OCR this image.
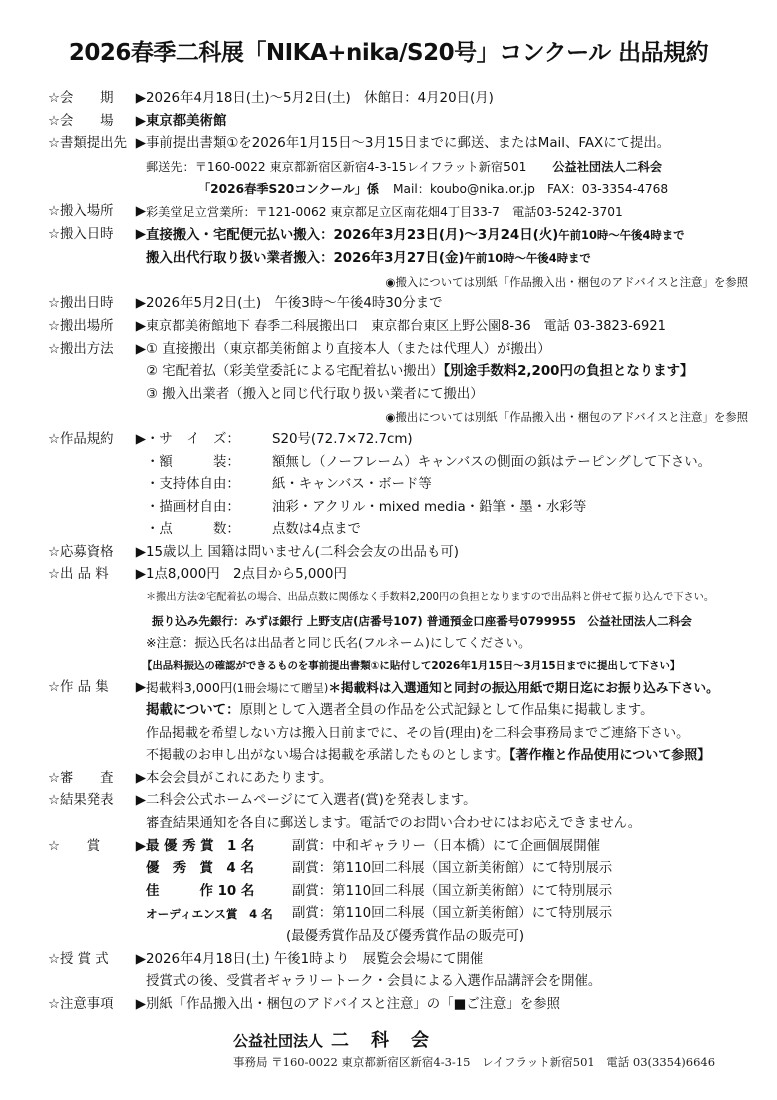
2026春季二科展「NIKA+nika/S20号」コンクール 出品規約
☆会　　期 ▶ 2026年4月18日(土)～5月2日(土)　休館日：4月20日(月)
☆会　　場 ▶ 東京都美術館
☆書類提出先 ▶ 事前提出書類①を2026年1月15日～3月15日までに郵送、またはMail、FAXにて提出。
郵送先：〒160-0022 東京都新宿区新宿4-3-15レイフラット新宿501 公益社団法人二科会
「2026春季S20コンクール」係 Mail：koubo@nika.or.jp　FAX：03-3354-4768
☆搬入場所 ▶ 彩美堂足立営業所：〒121-0062 東京都足立区南花畑4丁目33-7　電話03-5242-3701
☆搬入日時 ▶ 直接搬入・宅配便元払い搬入：2026年3月23日(月)～3月24日(火)午前10時～午後4時まで
搬入出代行取り扱い業者搬入：2026年3月27日(金)午前10時～午後4時まで
◉搬入については別紙「作品搬入出・梱包のアドバイスと注意」を参照
☆搬出日時 ▶ 2026年5月2日(土)　午後3時～午後4時30分まで
☆搬出場所 ▶ 東京都美術館地下 春季二科展搬出口　東京都台東区上野公園8-36　電話 03-3823-6921
☆搬出方法 ▶ ① 直接搬出（東京都美術館より直接本人（または代理人）が搬出）
② 宅配着払（彩美堂委託による宅配着払い搬出）【別途手数料2,200円の負担となります】
③ 搬入出業者（搬入と同じ代行取り扱い業者にて搬出）
◉搬出については別紙「作品搬入出・梱包のアドバイスと注意」を参照
☆作品規約 ▶ ・サ　イ　ズ：	S20号(72.7×72.7cm)
・額　　　装：	額無し（ノーフレーム）キャンバスの側面の鋲はテーピングして下さい。
・支持体自由：	紙・キャンバス・ボード等
・描画材自由：	油彩・アクリル・mixed media・鉛筆・墨・水彩等
・点　　　数：	点数は4点まで
☆応募資格 ▶ 15歳以上 国籍は問いません(二科会会友の出品も可)
☆出 品 料 ▶ 1点8,000円　2点目から5,000円
＊搬出方法②宅配着払の場合、出品点数に関係なく手数料2,200円の負担となりますので出品料と併せて振り込んで下さい。
振り込み先銀行：みずほ銀行 上野支店(店番号107) 普通預金口座番号0799955　公益社団法人二科会
※注意：振込氏名は出品者と同じ氏名(フルネーム)にしてください。
【出品料振込の確認ができるものを事前提出書類①に貼付して2026年1月15日～3月15日までに提出して下さい】
☆作 品 集 ▶ 掲載料3,000円(1冊会場にて贈呈)＊掲載料は入選通知と同封の振込用紙で期日迄にお振り込み下さい。
掲載について：原則として入選者全員の作品を公式記録として作品集に掲載します。
作品掲載を希望しない方は搬入日前までに、その旨(理由)を二科会事務局までご連絡下さい。
不掲載のお申し出がない場合は掲載を承諾したものとします。【著作権と作品使用について参照】
☆審　　査 ▶ 本会会員がこれにあたります。
☆結果発表 ▶ 二科会公式ホームページにて入選者(賞)を発表します。
審査結果通知を各自に郵送します。電話でのお問い合わせにはお応えできません。
☆　　賞	▶ 最 優 秀 賞　1 名	副賞：中和ギャラリー（日本橋）にて企画個展開催
優　秀　賞　4 名	副賞：第110回二科展（国立新美術館）にて特別展示
佳　　　作 10 名	副賞：第110回二科展（国立新美術館）にて特別展示
オーディエンス賞　4 名	副賞：第110回二科展（国立新美術館）にて特別展示
(最優秀賞作品及び優秀賞作品の販売可)
☆授 賞 式 ▶ 2026年4月18日(土) 午後1時より　展覧会会場にて開催
授賞式の後、受賞者ギャラリートーク・会員による入選作品講評会を開催。
☆注意事項 ▶ 別紙「作品搬入出・梱包のアドバイスと注意」の「■ご注意」を参照
公益社団法人 二科会
事務局 〒160-0022 東京都新宿区新宿4-3-15　レイフラット新宿501　電話 03(3354)6646
